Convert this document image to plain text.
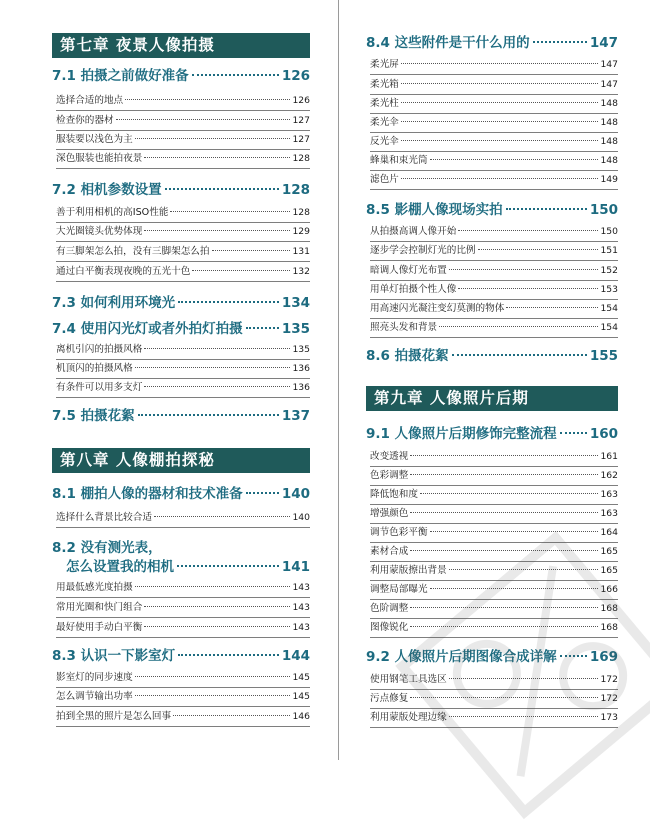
第七章 夜景人像拍摄
7.1 拍摄之前做好准备	126
选择合适的地点	126
检查你的器材	127
服装要以浅色为主	127
深色服装也能拍夜景	128
7.2 相机参数设置	128
善于利用相机的高ISO性能	128
大光圈镜头优势体现	129
有三脚架怎么拍，没有三脚架怎么拍	131
通过白平衡表现夜晚的五光十色	132
7.3 如何利用环境光	134
7.4 使用闪光灯或者外拍灯拍摄	135
离机引闪的拍摄风格	135
机顶闪的拍摄风格	136
有条件可以用多支灯	136
7.5 拍摄花絮	137
第八章 人像棚拍探秘
8.1 棚拍人像的器材和技术准备	140
选择什么背景比较合适	140
8.2 没有测光表，
怎么设置我的相机	141
用最低感光度拍摄	143
常用光圈和快门组合	143
最好使用手动白平衡	143
8.3 认识一下影室灯	144
影室灯的同步速度	145
怎么调节输出功率	145
拍到全黑的照片是怎么回事	146
8.4 这些附件是干什么用的	147
柔光屏	147
柔光箱	147
柔光柱	148
柔光伞	148
反光伞	148
蜂巢和束光筒	148
滤色片	149
8.5 影棚人像现场实拍	150
从拍摄高调人像开始	150
逐步学会控制灯光的比例	151
暗调人像灯光布置	152
用单灯拍摄个性人像	153
用高速闪光凝注变幻莫测的物体	154
照亮头发和背景	154
8.6 拍摄花絮	155
第九章 人像照片后期
9.1 人像照片后期修饰完整流程 160
改变透视	161
色彩调整	162
降低饱和度	163
增强颜色	163
调节色彩平衡	164
素材合成	165
利用蒙版擦出背景	165
调整局部曝光	166
色阶调整	168
图像锐化	168
9.2 人像照片后期图像合成详解 169
使用钢笔工具选区	172
污点修复	172
利用蒙版处理边缘	173
